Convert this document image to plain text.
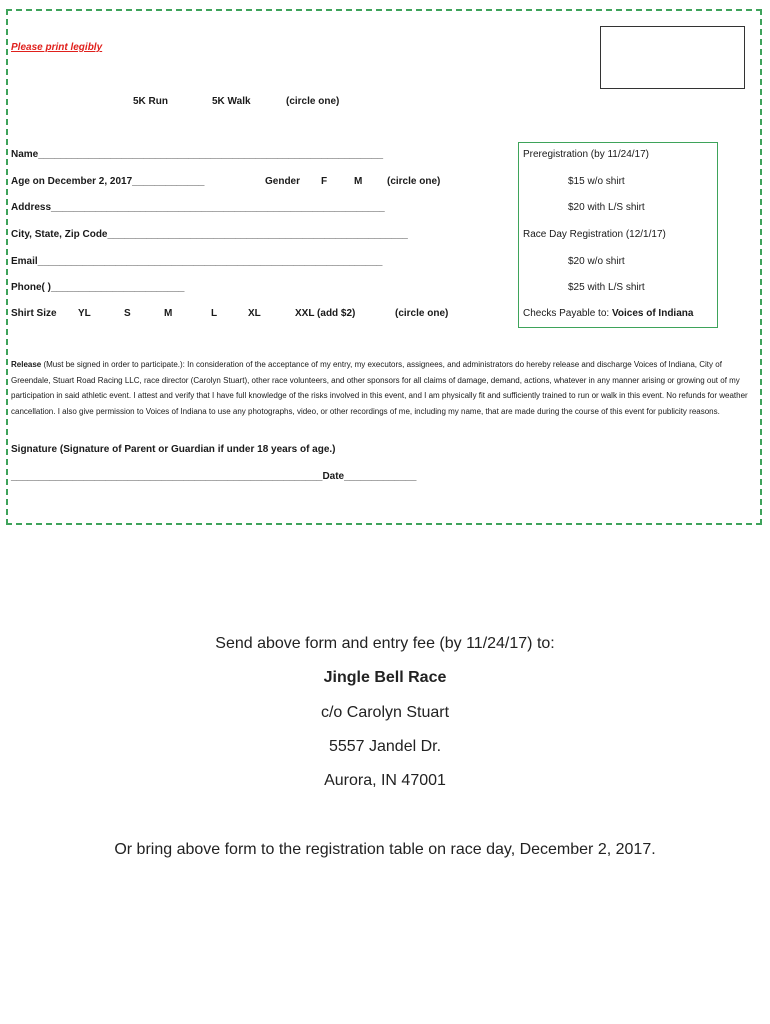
Please print legibly
5K Run	5K Walk	(circle one)
Name______________________________________________________________
Age on December 2, 2017_____________	Gender F	M (circle one)
Address____________________________________________________________
City, State, Zip Code______________________________________________________
Email______________________________________________________________
Phone( )________________________
Shirt Size YL	S	M	L	XL	XXL (add $2)	(circle one)
Preregistration (by 11/24/17)
$15 w/o shirt
$20 with L/S shirt
Race Day Registration (12/1/17)
$20 w/o shirt
$25 with L/S shirt
Checks Payable to: Voices of Indiana
Release (Must be signed in order to participate.): In consideration of the acceptance of my entry, my executors, assignees, and administrators do hereby release and discharge Voices of Indiana, City of Greendale, Stuart Road Racing LLC, race director (Carolyn Stuart), other race volunteers, and other sponsors for all claims of damage, demand, actions, whatever in any manner arising or growing out of my participation in said athletic event. I attest and verify that I have full knowledge of the risks involved in this event, and I am physically fit and sufficiently trained to run or walk in this event. No refunds for weather cancellation. I also give permission to Voices of Indiana to use any photographs, video, or other recordings of me, including my name, that are made during the course of this event for publicity reasons.
Signature (Signature of Parent or Guardian if under 18 years of age.)
________________________________________________________Date_____________
Send above form and entry fee (by 11/24/17) to:
Jingle Bell Race
c/o Carolyn Stuart
5557 Jandel Dr.
Aurora, IN 47001
Or bring above form to the registration table on race day, December 2, 2017.
